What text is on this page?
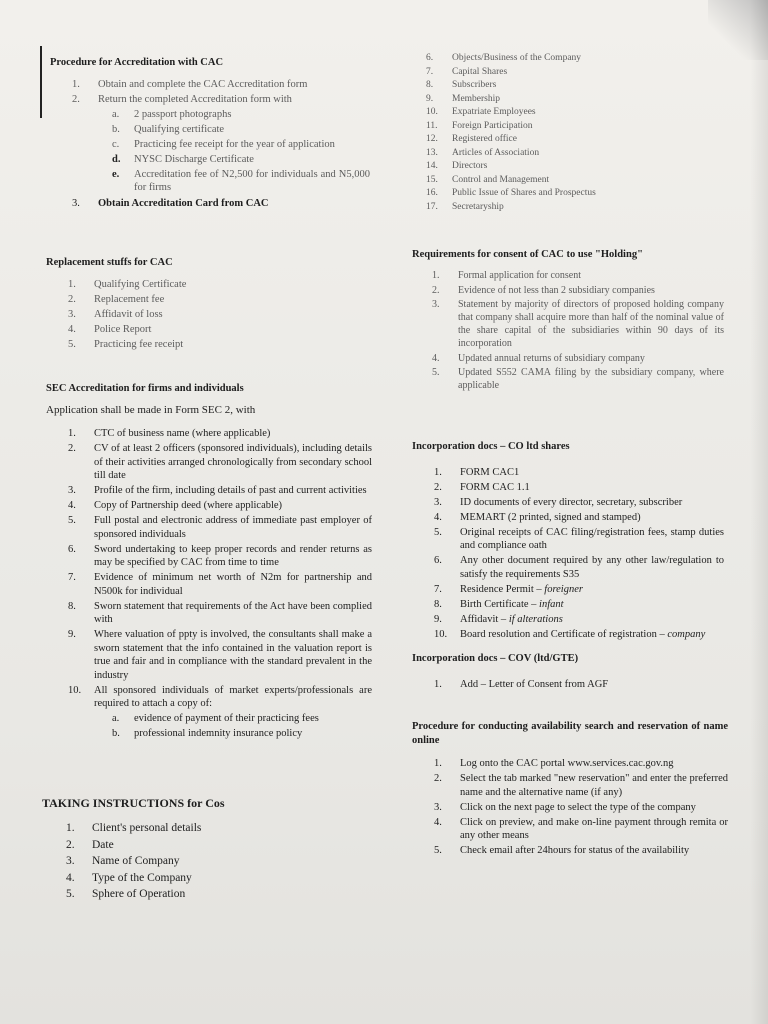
Procedure for Accreditation with CAC
1.	Obtain and complete the CAC Accreditation form
2.	Return the completed Accreditation form with
a.	2 passport photographs
b.	Qualifying certificate
c.	Practicing fee receipt for the year of application
d.	NYSC Discharge Certificate
e.	Accreditation fee of N2,500 for individuals and N5,000 for firms
3.	Obtain Accreditation Card from CAC
Replacement stuffs for CAC
1.	Qualifying Certificate
2.	Replacement fee
3.	Affidavit of loss
4.	Police Report
5.	Practicing fee receipt
SEC Accreditation for firms and individuals
Application shall be made in Form SEC 2, with
1.	CTC of business name (where applicable)
2.	CV of at least 2 officers (sponsored individuals), including details of their activities arranged chronologically from secondary school till date
3.	Profile of the firm, including details of past and current activities
4.	Copy of Partnership deed (where applicable)
5.	Full postal and electronic address of immediate past employer of sponsored individuals
6.	Sword undertaking to keep proper records and render returns as may be specified by CAC from time to time
7.	Evidence of minimum net worth of N2m for partnership and N500k for individual
8.	Sworn statement that requirements of the Act have been complied with
9.	Where valuation of ppty is involved, the consultants shall make a sworn statement that the info contained in the valuation report is true and fair and in compliance with the standard prevalent in the industry
10.	All sponsored individuals of market experts/professionals are required to attach a copy of:
a.	evidence of payment of their practicing fees
b.	professional indemnity insurance policy
TAKING INSTRUCTIONS for Cos
1.	Client's personal details
2.	Date
3.	Name of Company
4.	Type of the Company
5.	Sphere of Operation
6.	Objects/Business of the Company
7.	Capital Shares
8.	Subscribers
9.	Membership
10.	Expatriate Employees
11.	Foreign Participation
12.	Registered office
13.	Articles of Association
14.	Directors
15.	Control and Management
16.	Public Issue of Shares and Prospectus
17.	Secretaryship
Requirements for consent of CAC to use "Holding"
1.	Formal application for consent
2.	Evidence of not less than 2 subsidiary companies
3.	Statement by majority of directors of proposed holding company that company shall acquire more than half of the nominal value of the share capital of the subsidiaries within 90 days of its incorporation
4.	Updated annual returns of subsidiary company
5.	Updated S552 CAMA filing by the subsidiary company, where applicable
Incorporation docs – CO ltd shares
1.	FORM CAC1
2.	FORM CAC 1.1
3.	ID documents of every director, secretary, subscriber
4.	MEMART (2 printed, signed and stamped)
5.	Original receipts of CAC filing/registration fees, stamp duties and compliance oath
6.	Any other document required by any other law/regulation to satisfy the requirements S35
7.	Residence Permit – foreigner
8.	Birth Certificate – infant
9.	Affidavit – if alterations
10.	Board resolution and Certificate of registration – company
Incorporation docs – COV (ltd/GTE)
1.	Add – Letter of Consent from AGF
Procedure for conducting availability search and reservation of name online
1.	Log onto the CAC portal www.services.cac.gov.ng
2.	Select the tab marked "new reservation" and enter the preferred name and the alternative name (if any)
3.	Click on the next page to select the type of the company
4.	Click on preview, and make on-line payment through remita or any other means
5.	Check email after 24hours for status of the availability
